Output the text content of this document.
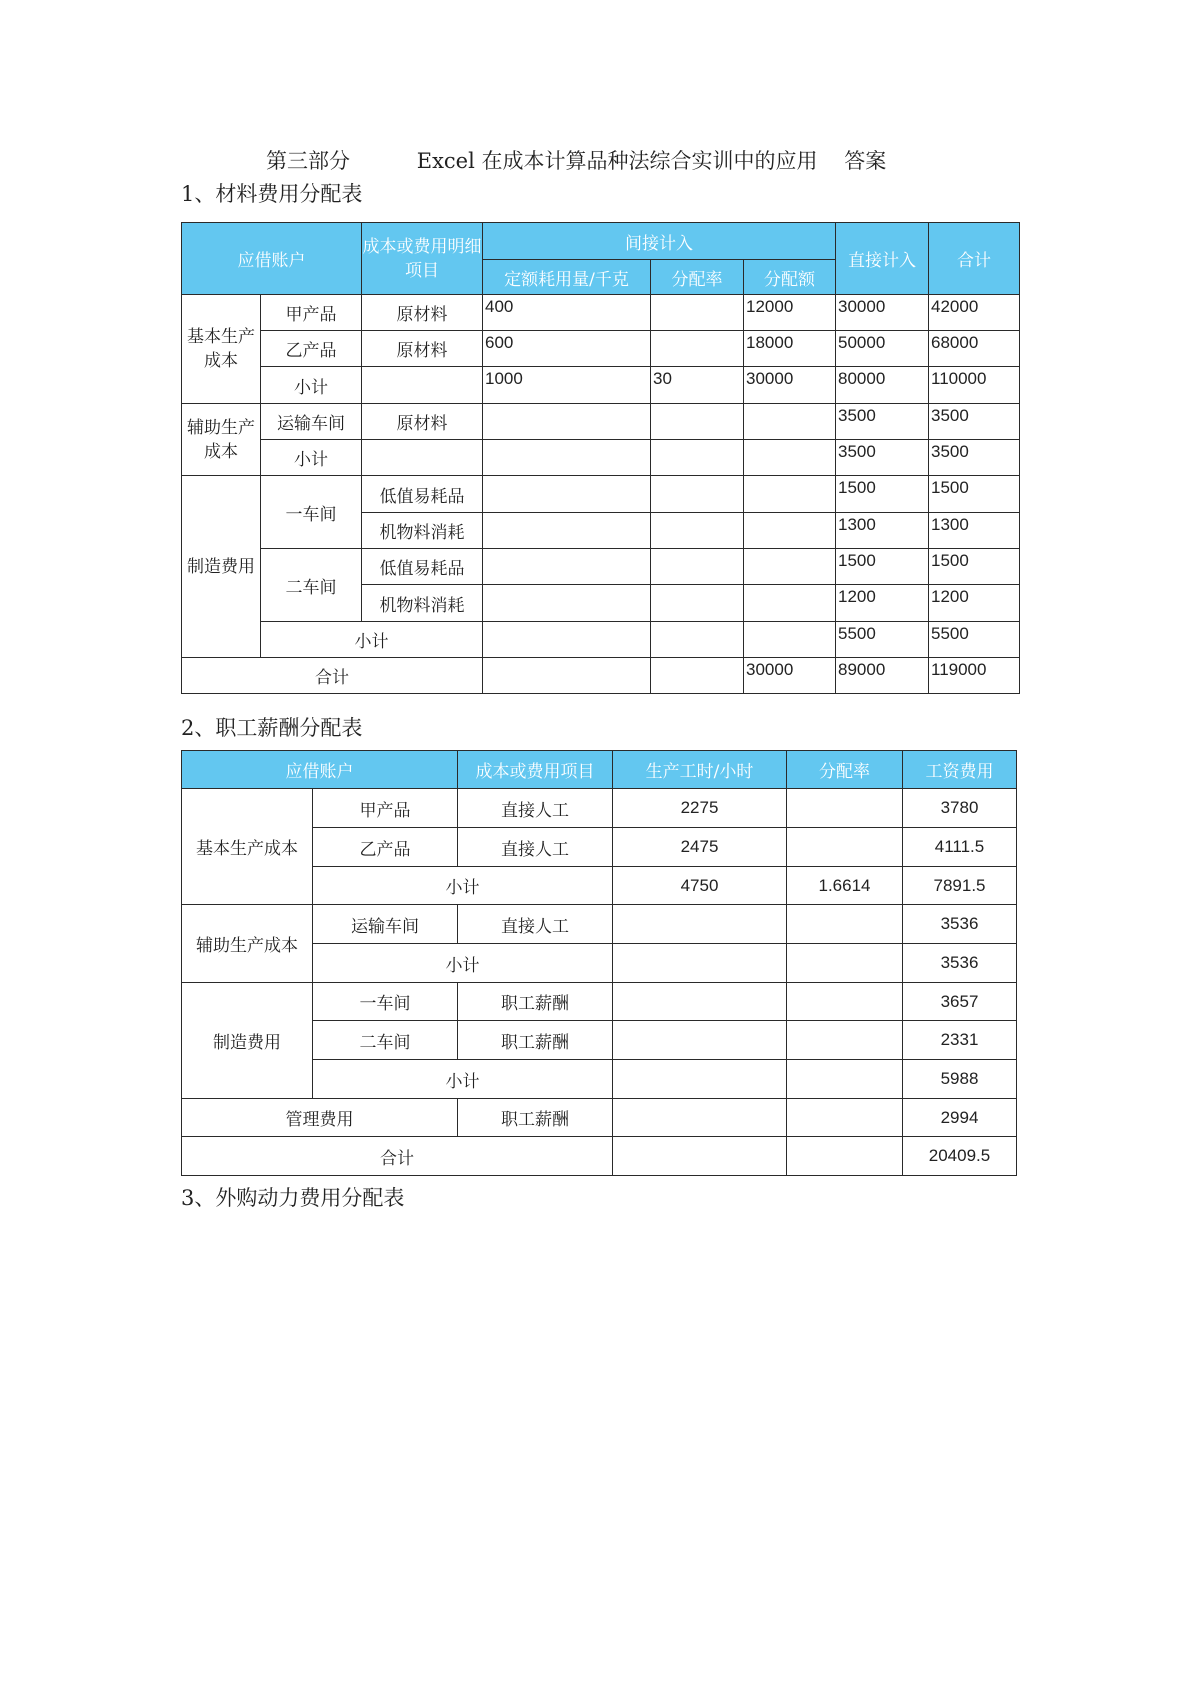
第三部分          Excel 在成本计算品种法综合实训中的应用    答案
1、材料费用分配表
应借账户		成本或费用明细项目	间接计入			直接计入	合计
			定额耗用量/千克	分配率	分配额		
基本生产成本	甲产品	原材料	400		12000	30000	42000
	乙产品	原材料	600		18000	50000	68000
	小计		1000	30	30000	80000	110000
辅助生产成本	运输车间	原材料				3500	3500
	小计					3500	3500
制造费用	一车间	低值易耗品				1500	1500
		机物料消耗				1300	1300
	二车间	低值易耗品				1500	1500
		机物料消耗				1200	1200
	小计					5500	5500
合计					30000	89000	119000
2、职工薪酬分配表
应借账户		成本或费用项目	生产工时/小时	分配率	工资费用
基本生产成本	甲产品	直接人工	2275		3780
	乙产品	直接人工	2475		4111.5
	小计		4750	1.6614	7891.5
辅助生产成本	运输车间	直接人工			3536
	小计				3536
制造费用	一车间	职工薪酬			3657
	二车间	职工薪酬			2331
	小计				5988
管理费用		职工薪酬			2994
合计					20409.5
3、外购动力费用分配表
